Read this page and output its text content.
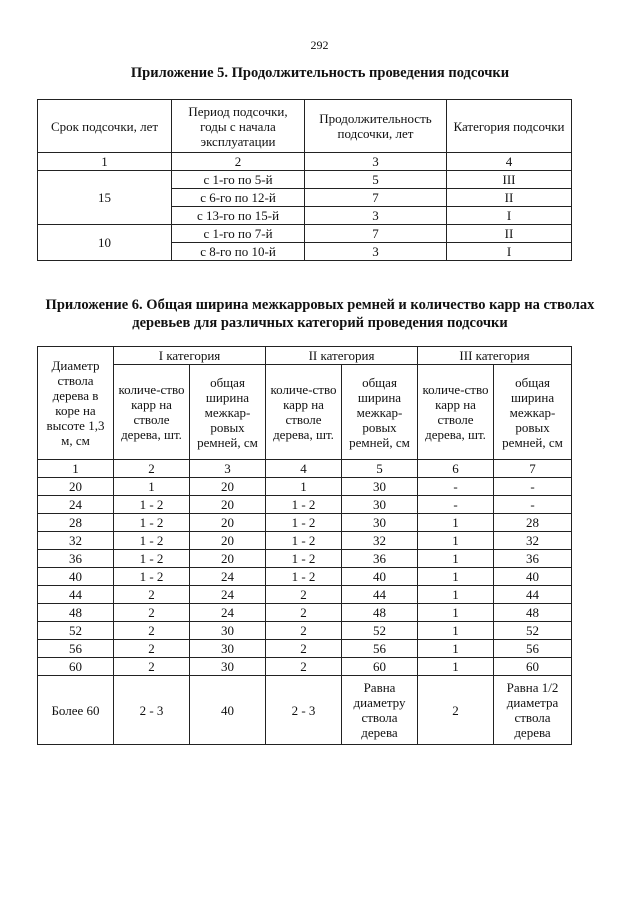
292
Приложение 5. Продолжительность проведения подсочки
Срок подсочки, лет	Период подсочки, годы с начала эксплуатации	Продолжительность подсочки, лет	Категория подсочки
1	2	3	4
15	с 1-го по 5-й	5	III
	с 6-го по 12-й	7	II
	с 13-го по 15-й	3	I
10	с 1-го по 7-й	7	II
	с 8-го по 10-й	3	I
Приложение 6. Общая ширина межкарровых ремней и количество карр на стволах деревьев для различных категорий проведения подсочки
Диаметр ствола дерева в коре на высоте 1,3 м, см	I категория		II категория		III категория	
	количе-ство карр на стволе дерева, шт.	общая ширина межкар-ровых ремней, см	количе-ство карр на стволе дерева, шт.	общая ширина межкар-ровых ремней, см	количе-ство карр на стволе дерева, шт.	общая ширина межкар-ровых ремней, см
1	2	3	4	5	6	7
20	1	20	1	30	-	-
24	1 - 2	20	1 - 2	30	-	-
28	1 - 2	20	1 - 2	30	1	28
32	1 - 2	20	1 - 2	32	1	32
36	1 - 2	20	1 - 2	36	1	36
40	1 - 2	24	1 - 2	40	1	40
44	2	24	2	44	1	44
48	2	24	2	48	1	48
52	2	30	2	52	1	52
56	2	30	2	56	1	56
60	2	30	2	60	1	60
Более 60	2 - 3	40	2 - 3	Равна диаметру ствола дерева	2	Равна 1/2 диаметра ствола дерева
